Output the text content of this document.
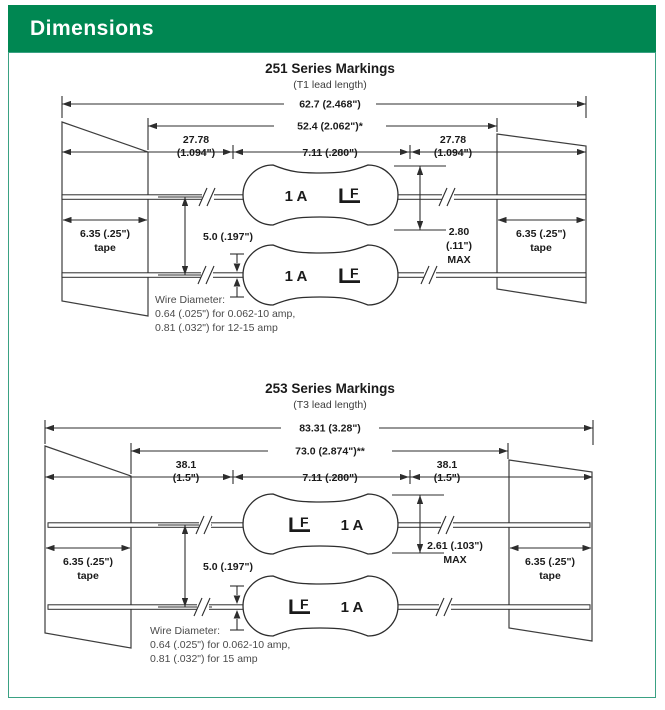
Dimensions
251 Series Markings
(T1 lead length)
62.7 (2.468")
52.4 (2.062")*
27.78
(1.094")	7.11 (.280")
27.78
(1.094")
5.0 (.197")
1 A L F
1 A L F
2.80
(.11")
MAX
6.35 (.25")
tape
6.35 (.25")
tape
Wire Diameter:
0.64 (.025") for 0.062-10 amp,
0.81 (.032") for 12-15 amp
253 Series Markings
(T3 lead length)
83.31 (3.28")
73.0 (2.874")**
38.1
(1.5")	7.11 (.280")
38.1
(1.5")
5.0 (.197")
L F 1 A
L F 1 A
2.61 (.103")
MAX
6.35 (.25")
tape
6.35 (.25")
tape
Wire Diameter:
0.64 (.025") for 0.062-10 amp,
0.81 (.032") for 15 amp
